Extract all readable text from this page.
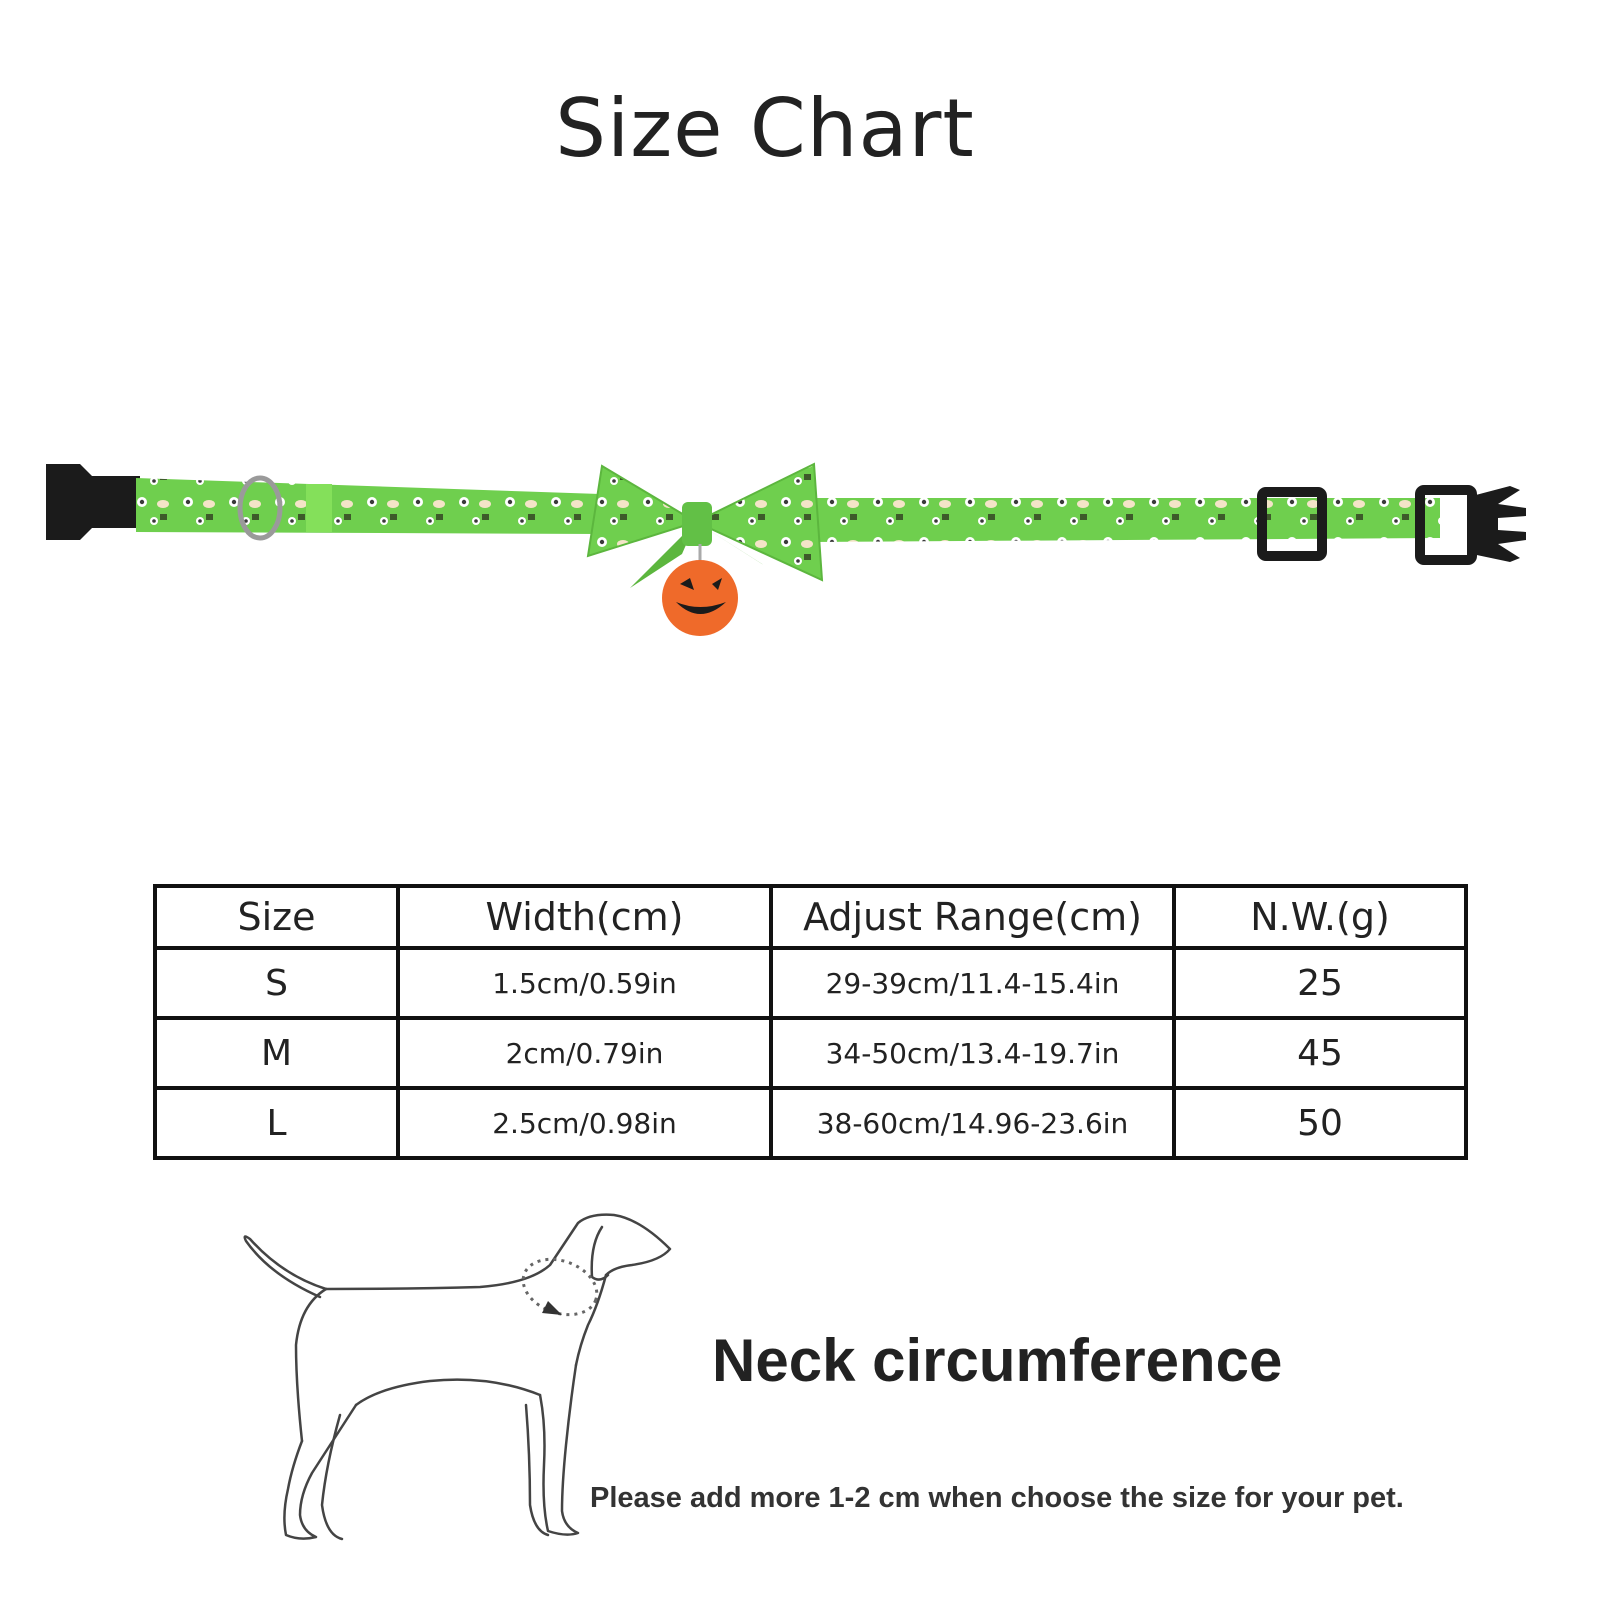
Size Chart
Size	Width(cm)	Adjust Range(cm)	N.W.(g)
S	1.5cm/0.59in	29-39cm/11.4-15.4in	25
M	2cm/0.79in	34-50cm/13.4-19.7in	45
L	2.5cm/0.98in	38-60cm/14.96-23.6in	50
Neck circumference
Please add more 1-2 cm when choose the size for your pet.
